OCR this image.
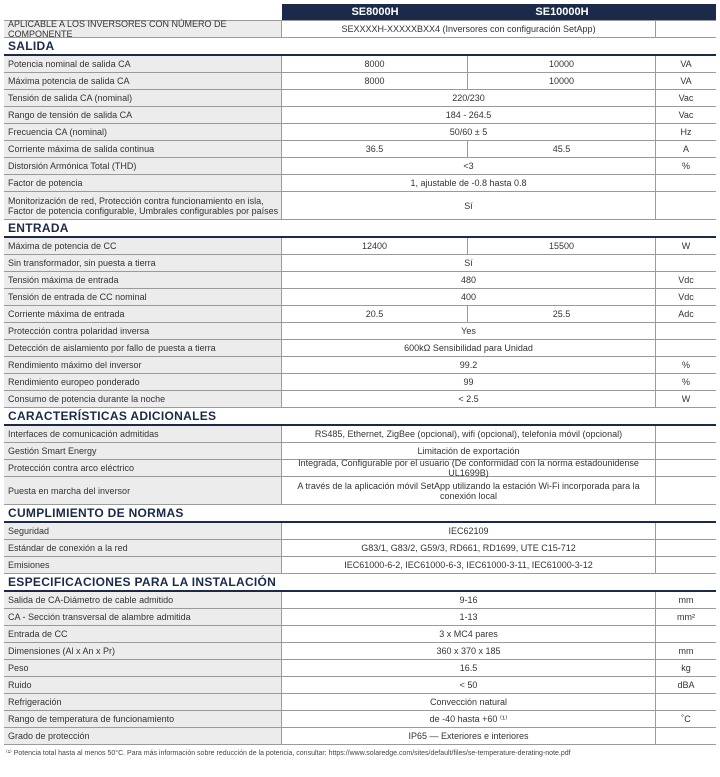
SE8000H	SE10000H
APLICABLE A LOS INVERSORES CON NÚMERO DE COMPONENTE	SEXXXXH-XXXXXBXX4 (Inversores con configuración SetApp)
SALIDA
Potencia nominal de salida CA	8000	10000	VA
Máxima potencia de salida CA	8000	10000	VA
Tensión de salida CA (nominal)	220/230	Vac
Rango de tensión de salida CA	184 - 264.5	Vac
Frecuencia CA (nominal)	50/60 ± 5	Hz
Corriente máxima de salida continua	36.5	45.5	A
Distorsión Armónica Total (THD)	<3	%
Factor de potencia	1, ajustable de -0.8 hasta 0.8
Monitorización de red, Protección contra funcionamiento en isla, Factor de potencia configurable, Umbrales configurables por países	Sí
ENTRADA
Máxima de potencia de CC	12400	15500	W
Sin transformador, sin puesta a tierra	Sí
Tensión máxima de entrada	480	Vdc
Tensión de entrada de CC nominal	400	Vdc
Corriente máxima de entrada	20.5	25.5	Adc
Protección contra polaridad inversa	Yes
Detección de aislamiento por fallo de puesta a tierra	600kΩ Sensibilidad para Unidad
Rendimiento máximo del inversor	99.2	%
Rendimiento europeo ponderado	99	%
Consumo de potencia durante la noche	< 2.5	W
CARACTERÍSTICAS ADICIONALES
Interfaces de comunicación admitidas	RS485, Ethernet, ZigBee (opcional), wifi (opcional), telefonía móvil (opcional)
Gestión Smart Energy	Limitación de exportación
Protección contra arco eléctrico	Integrada, Configurable por el usuario (De conformidad con la norma estadounidense UL1699B)
Puesta en marcha del inversor	A través de la aplicación móvil SetApp utilizando la estación Wi-Fi incorporada para la conexión local
CUMPLIMIENTO DE NORMAS
Seguridad	IEC62109
Estándar de conexión a la red	G83/1, G83/2, G59/3, RD661, RD1699, UTE C15-712
Emisiones	IEC61000-6-2, IEC61000-6-3, IEC61000-3-11, IEC61000-3-12
ESPECIFICACIONES PARA LA INSTALACIÓN
Salida de CA-Diámetro de cable admitido	9-16	mm
CA - Sección transversal de alambre admitida	1-13	mm²
Entrada de CC	3 x MC4 pares
Dimensiones (Al x An x Pr)	360 x 370 x 185	mm
Peso	16.5	kg
Ruido	< 50	dBA
Refrigeración	Convección natural
Rango de temperatura de funcionamiento	de -40 hasta +60 ⁽¹⁾	˚C
Grado de protección	IP65 — Exteriores e interiores
⁽¹⁾ Potencia total hasta al menos 50°C. Para más información sobre reducción de la potencia, consultar: https://www.solaredge.com/sites/default/files/se-temperature-derating-note.pdf
